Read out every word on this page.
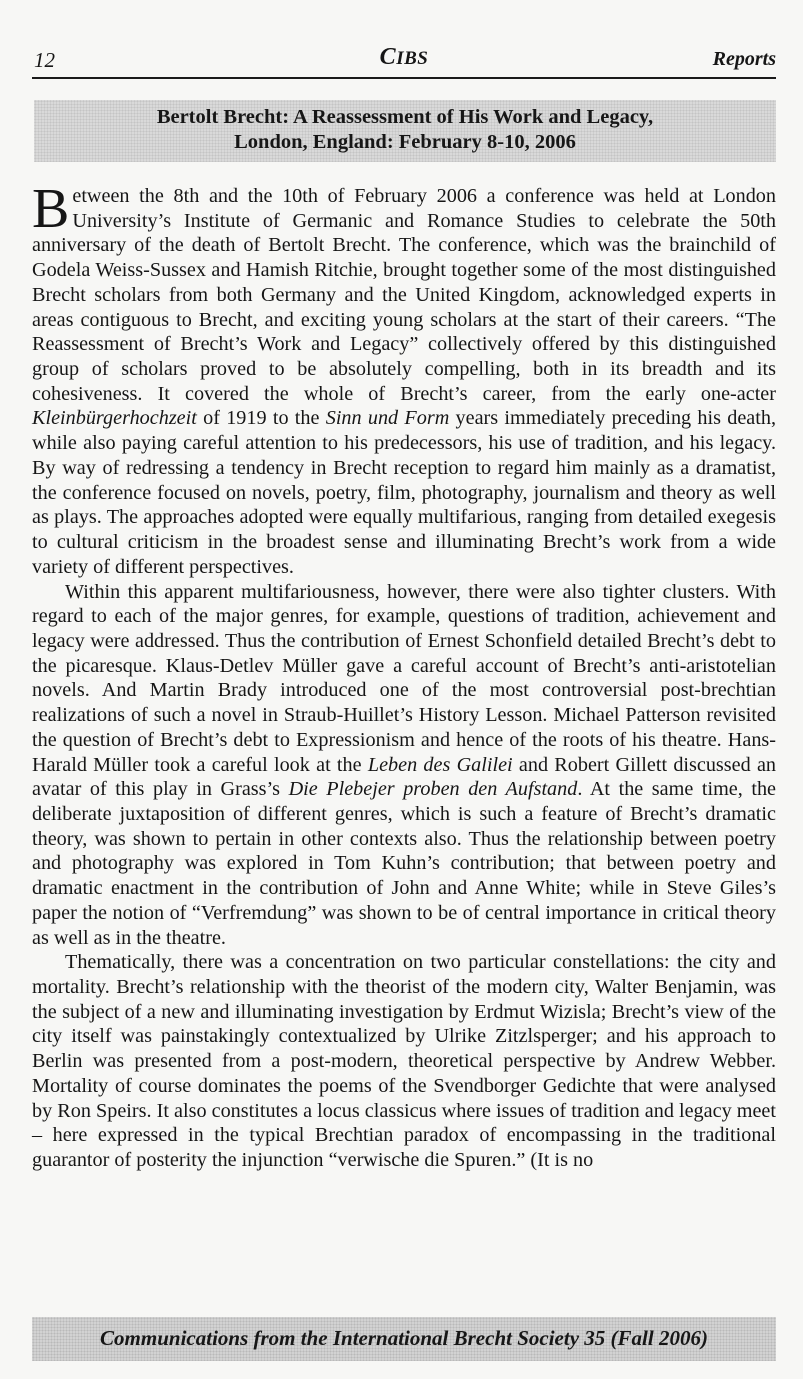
12	CIBS	Reports
Bertolt Brecht: A Reassessment of His Work and Legacy,
London, England: February 8-10, 2006

Between the 8th and the 10th of February 2006 a conference was held at London University’s Institute of Germanic and Romance Studies to celebrate the 50th anniversary of the death of Bertolt Brecht. The conference, which was the brainchild of Godela Weiss-Sussex and Hamish Ritchie, brought together some of the most distinguished Brecht scholars from both Germany and the United Kingdom, acknowledged experts in areas contiguous to Brecht, and exciting young scholars at the start of their careers. “The Reassessment of Brecht’s Work and Legacy” collectively offered by this distinguished group of scholars proved to be absolutely compelling, both in its breadth and its cohesiveness. It covered the whole of Brecht’s career, from the early one-acter Kleinbürgerhochzeit of 1919 to the Sinn und Form years immediately preceding his death, while also paying careful attention to his predecessors, his use of tradition, and his legacy. By way of redressing a tendency in Brecht reception to regard him mainly as a dramatist, the conference focused on novels, poetry, film, photography, journalism and theory as well as plays. The approaches adopted were equally multifarious, ranging from detailed exegesis to cultural criticism in the broadest sense and illuminating Brecht’s work from a wide variety of different perspectives.

Within this apparent multifariousness, however, there were also tighter clusters. With regard to each of the major genres, for example, questions of tradition, achievement and legacy were addressed. Thus the contribution of Ernest Schonfield detailed Brecht’s debt to the picaresque. Klaus-Detlev Müller gave a careful account of Brecht’s anti-aristotelian novels. And Martin Brady introduced one of the most controversial post-brechtian realizations of such a novel in Straub-Huillet’s History Lesson. Michael Patterson revisited the question of Brecht’s debt to Expressionism and hence of the roots of his theatre. Hans-Harald Müller took a careful look at the Leben des Galilei and Robert Gillett discussed an avatar of this play in Grass’s Die Plebejer proben den Aufstand. At the same time, the deliberate juxtaposition of different genres, which is such a feature of Brecht’s dramatic theory, was shown to pertain in other contexts also. Thus the relationship between poetry and photography was explored in Tom Kuhn’s contribution; that between poetry and dramatic enactment in the contribution of John and Anne White; while in Steve Giles’s paper the notion of “Verfremdung” was shown to be of central importance in critical theory as well as in the theatre.

Thematically, there was a concentration on two particular constellations: the city and mortality. Brecht’s relationship with the theorist of the modern city, Walter Benjamin, was the subject of a new and illuminating investigation by Erdmut Wizisla; Brecht’s view of the city itself was painstakingly contextualized by Ulrike Zitzlsperger; and his approach to Berlin was presented from a post-modern, theoretical perspective by Andrew Webber. Mortality of course dominates the poems of the Svendborger Gedichte that were analysed by Ron Speirs. It also constitutes a locus classicus where issues of tradition and legacy meet – here expressed in the typical Brechtian paradox of encompassing in the traditional guarantor of posterity the injunction “verwische die Spuren.” (It is no

Communications from the International Brecht Society 35 (Fall 2006)
